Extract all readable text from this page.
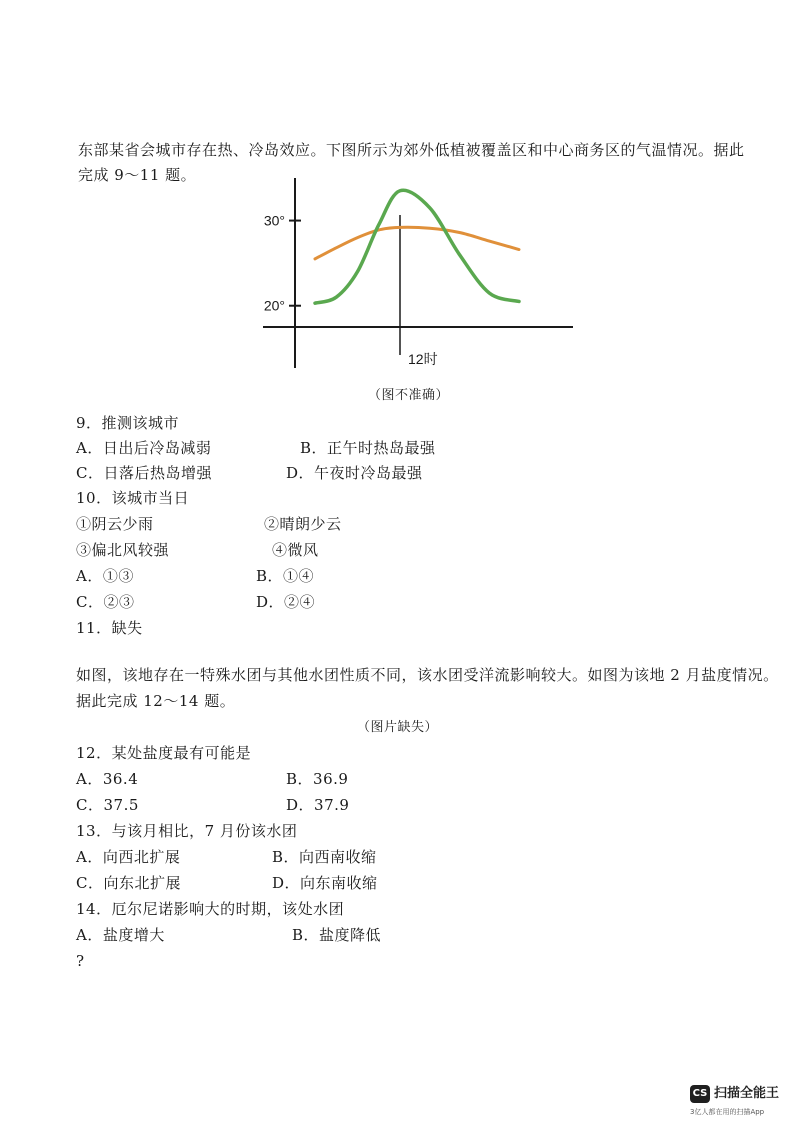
东部某省会城市存在热、冷岛效应。下图所示为郊外低植被覆盖区和中心商务区的气温情况。据此
完成 9～11 题。
30°
20°
12时
（图不准确）
9．推测该城市
A．日出后冷岛减弱	B．正午时热岛最强
C．日落后热岛增强	D．午夜时冷岛最强
10．该城市当日
①阴云少雨	②晴朗少云
③偏北风较强	④微风
A．①③	B．①④
C．②③	D．②④
11．缺失
如图，该地存在一特殊水团与其他水团性质不同，该水团受洋流影响较大。如图为该地 2 月盐度情况。
据此完成 12～14 题。
（图片缺失）
12．某处盐度最有可能是
A．36.4	B．36.9
C．37.5	D．37.9
13．与该月相比，7 月份该水团
A．向西北扩展	B．向西南收缩
C．向东北扩展	D．向东南收缩
14．厄尔尼诺影响大的时期，该处水团
A．盐度增大	B．盐度降低
?
CS 扫描全能王
3亿人都在用的扫描App
